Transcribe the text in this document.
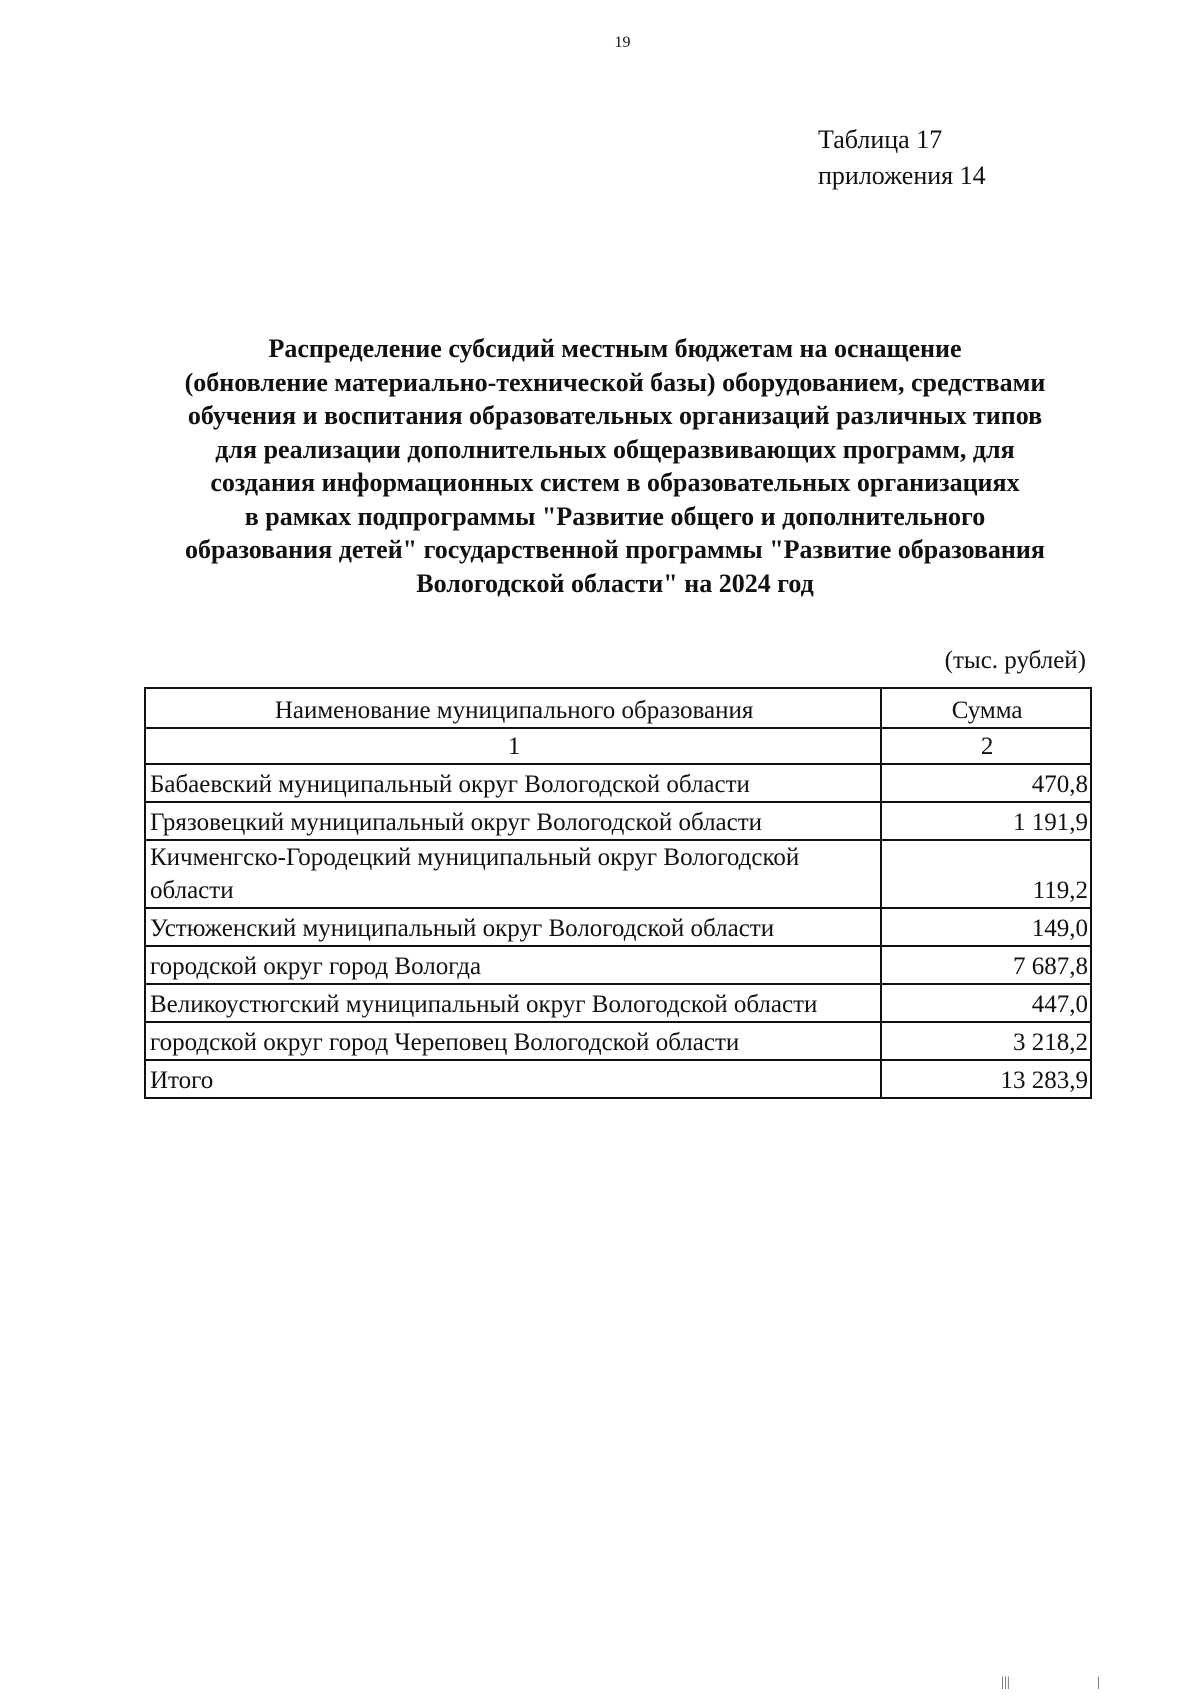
19
Таблица 17
приложения 14
Распределение субсидий местным бюджетам на оснащение
(обновление материально-технической базы) оборудованием, средствами
обучения и воспитания образовательных организаций различных типов
для реализации дополнительных общеразвивающих программ, для
создания информационных систем в образовательных организациях
в рамках подпрограммы "Развитие общего и дополнительного
образования детей" государственной программы "Развитие образования
Вологодской области" на 2024 год
(тыс. рублей)
Наименование муниципального образования	Сумма
1	2
Бабаевский муниципальный округ Вологодской области	470,8
Грязовецкий муниципальный округ Вологодской области	1 191,9
Кичменгско-Городецкий муниципальный округ Вологодской области	119,2
Устюженский муниципальный округ Вологодской области	149,0
городской округ город Вологда	7 687,8
Великоустюгский муниципальный округ Вологодской области	447,0
городской округ город Череповец Вологодской области	3 218,2
Итого	13 283,9
|||                         |
